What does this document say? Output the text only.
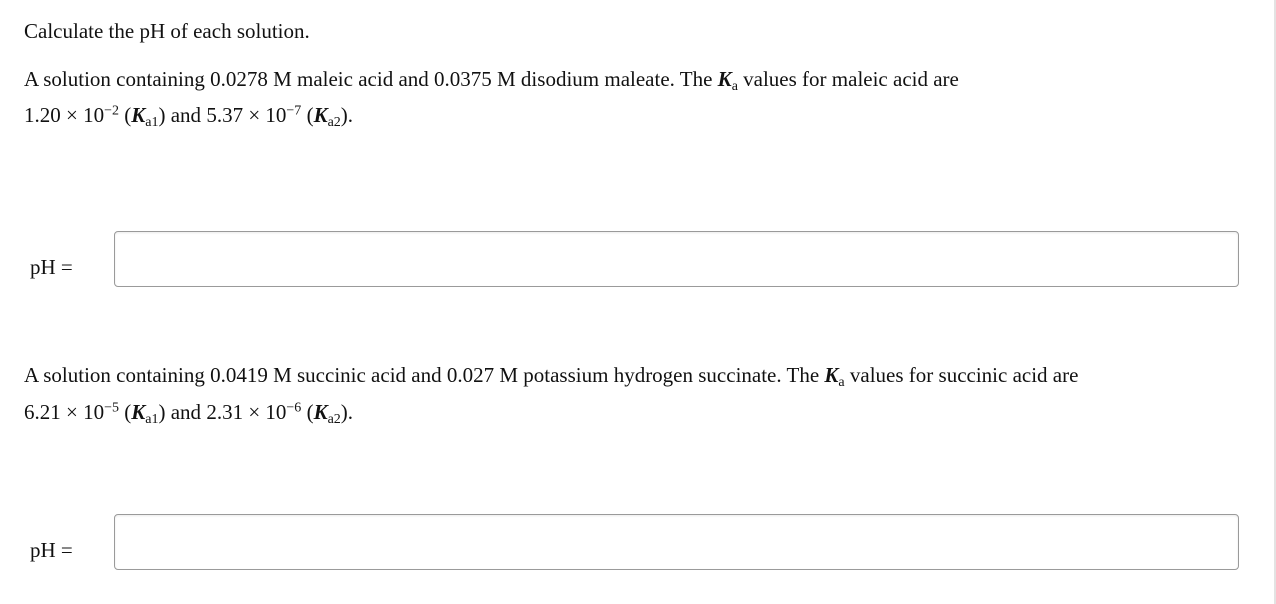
Calculate the pH of each solution.
A solution containing 0.0278 M maleic acid and 0.0375 M disodium maleate. The $K_a$ values for maleic acid are
$1.20 \times 10^{-2}$ $(K_{a1})$ and $5.37 \times 10^{-7}$ $(K_{a2})$.
pH =
A solution containing 0.0419 M succinic acid and 0.027 M potassium hydrogen succinate. The $K_a$ values for succinic acid are
$6.21 \times 10^{-5}$ $(K_{a1})$ and $2.31 \times 10^{-6}$ $(K_{a2})$.
pH =
